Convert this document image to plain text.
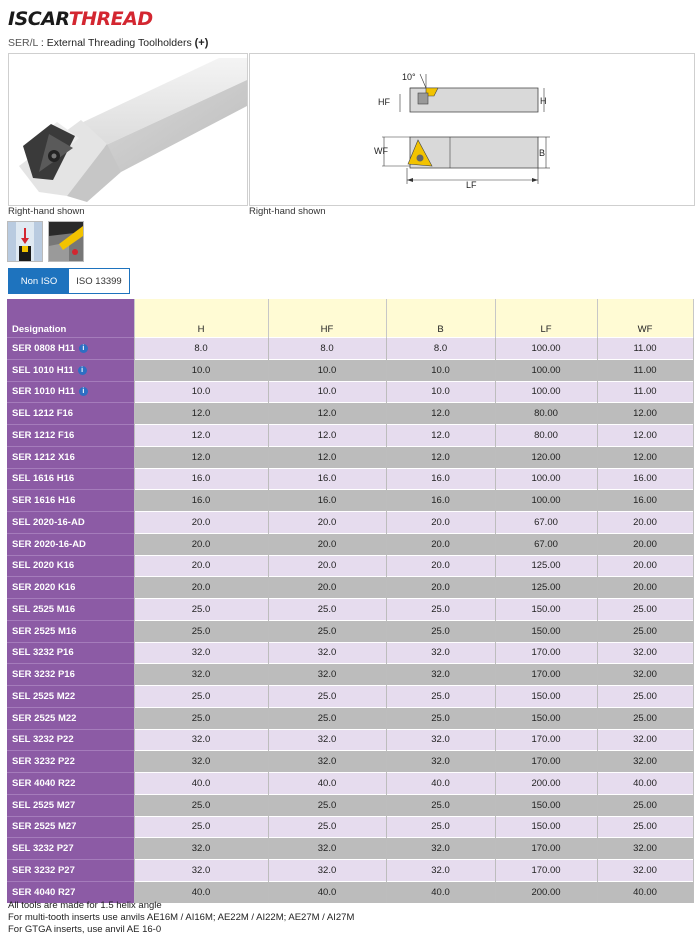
ISCARTHREAD
SER/L : External Threading Toolholders (+)
10°
HF	H
WF	B
LF
Right-hand shown	Right-hand shown
Non ISO	ISO 13399
Designation	H	HF	B	LF	WF
SER 0808 H11 i	8.0	8.0	8.0	100.00	11.00
SEL 1010 H11 i	10.0	10.0	10.0	100.00	11.00
SER 1010 H11 i	10.0	10.0	10.0	100.00	11.00
SEL 1212 F16	12.0	12.0	12.0	80.00	12.00
SER 1212 F16	12.0	12.0	12.0	80.00	12.00
SER 1212 X16	12.0	12.0	12.0	120.00	12.00
SEL 1616 H16	16.0	16.0	16.0	100.00	16.00
SER 1616 H16	16.0	16.0	16.0	100.00	16.00
SEL 2020-16-AD	20.0	20.0	20.0	67.00	20.00
SER 2020-16-AD	20.0	20.0	20.0	67.00	20.00
SEL 2020 K16	20.0	20.0	20.0	125.00	20.00
SER 2020 K16	20.0	20.0	20.0	125.00	20.00
SEL 2525 M16	25.0	25.0	25.0	150.00	25.00
SER 2525 M16	25.0	25.0	25.0	150.00	25.00
SEL 3232 P16	32.0	32.0	32.0	170.00	32.00
SER 3232 P16	32.0	32.0	32.0	170.00	32.00
SEL 2525 M22	25.0	25.0	25.0	150.00	25.00
SER 2525 M22	25.0	25.0	25.0	150.00	25.00
SEL 3232 P22	32.0	32.0	32.0	170.00	32.00
SER 3232 P22	32.0	32.0	32.0	170.00	32.00
SER 4040 R22	40.0	40.0	40.0	200.00	40.00
SEL 2525 M27	25.0	25.0	25.0	150.00	25.00
SER 2525 M27	25.0	25.0	25.0	150.00	25.00
SEL 3232 P27	32.0	32.0	32.0	170.00	32.00
SER 3232 P27	32.0	32.0	32.0	170.00	32.00
SER 4040 R27	40.0	40.0	40.0	200.00	40.00
All tools are made for 1.5 helix angle
For multi-tooth inserts use anvils AE16M / AI16M; AE22M / AI22M; AE27M / AI27M
For GTGA inserts, use anvil AE 16-0
